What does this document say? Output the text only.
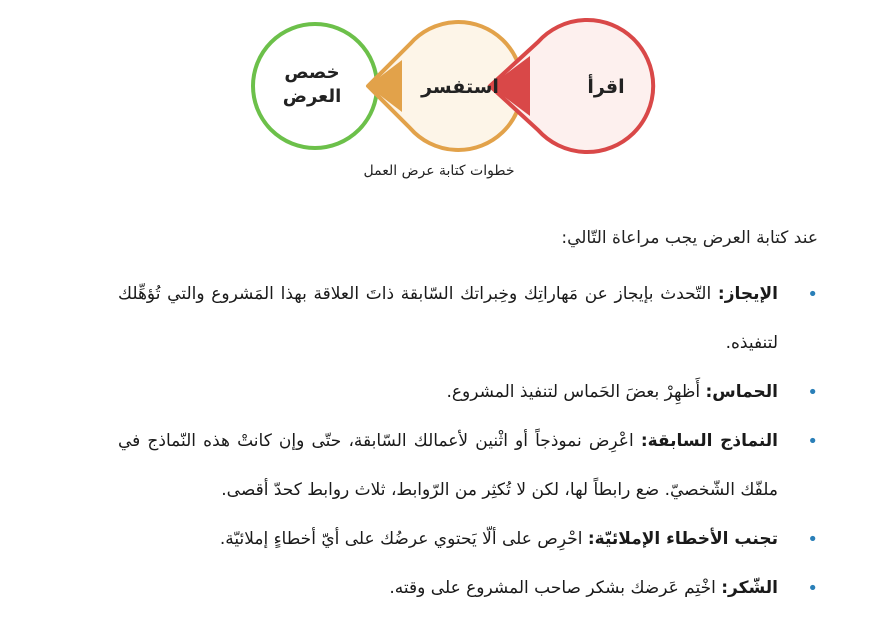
اقرأ
استفسر
خصص
العرض
خطوات كتابة عرض العمل
عند كتابة العرض يجب مراعاة التّالي:
•
الإيجاز: التّحدث بإيجاز عن مَهاراتِك وخِبراتك السّابقة ذاتَ العلاقة بهذا المَشروع والتي تُؤهِّلك لتنفيذه.
•
الحماس: أَظهِرْ بعضَ الحَماس لتنفيذ المشروع.
•
النماذج السابقة: اعْرِض نموذجاً أو اثْنين لأعمالك السّابقة، حتّى وإن كانتْ هذه النّماذج في ملفّك الشّخصيّ. ضع رابطاً لها، لكن لا تُكثِر من الرّوابط، ثلاث روابط كحدّ أقصى.
•
تجنب الأخطاء الإملائيّة: احْرِص على ألّا يَحتوي عرضُك على أيّ أخطاءٍ إملائيّة.
•
الشّكر: اخْتِم عَرضك بشكر صاحب المشروع على وقته.
